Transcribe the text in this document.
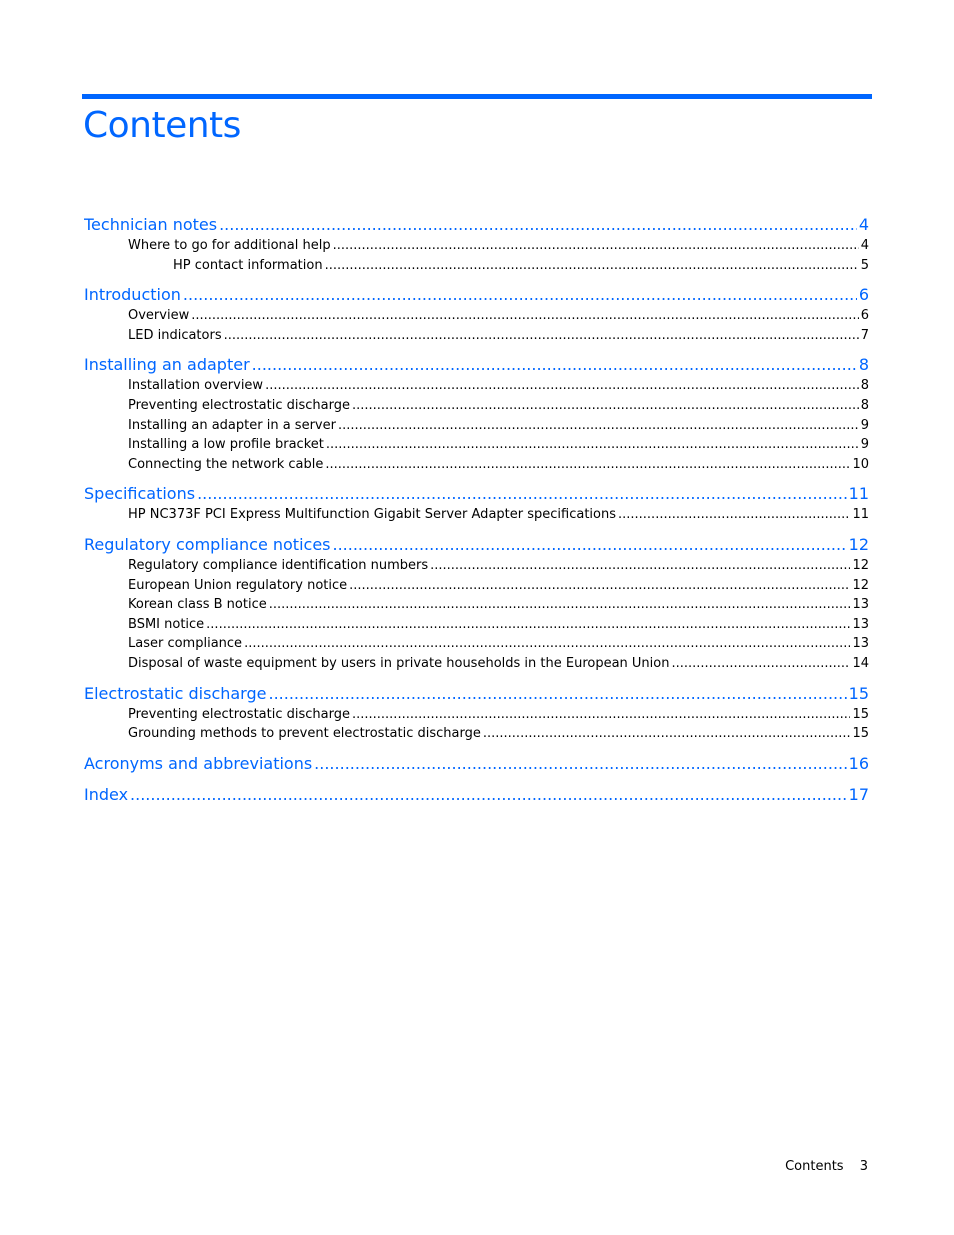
Contents
Technician notes .....	4
Where to go for additional help .....	4
HP contact information .....	5
Introduction .....	6
Overview .....	6
LED indicators .....	7
Installing an adapter .....	8
Installation overview .....	8
Preventing electrostatic discharge .....	8
Installing an adapter in a server .....	9
Installing a low profile bracket .....	9
Connecting the network cable .....	10
Specifications .....	11
HP NC373F PCI Express Multifunction Gigabit Server Adapter specifications .....	11
Regulatory compliance notices .....	12
Regulatory compliance identification numbers .....	12
European Union regulatory notice .....	12
Korean class B notice .....	13
BSMI notice .....	13
Laser compliance .....	13
Disposal of waste equipment by users in private households in the European Union .....	14
Electrostatic discharge .....	15
Preventing electrostatic discharge .....	15
Grounding methods to prevent electrostatic discharge .....	15
Acronyms and abbreviations .....	16
Index .....	17
Contents 3
